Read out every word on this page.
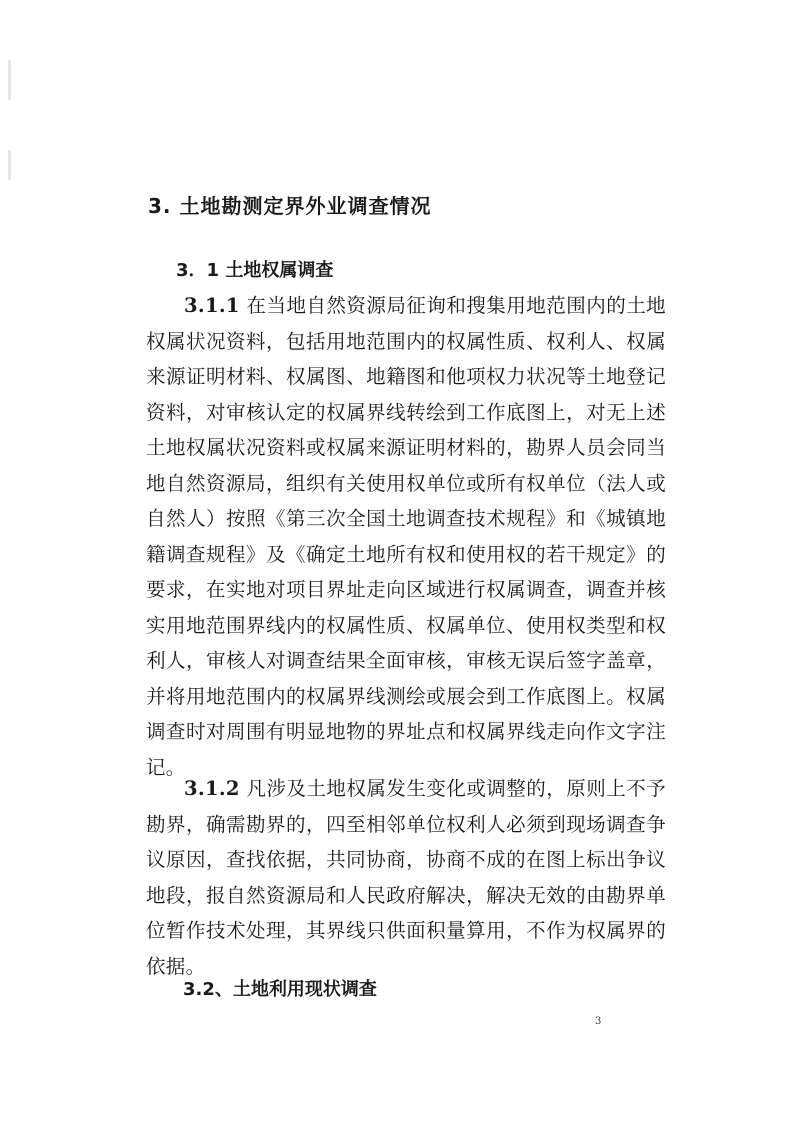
3. 土地勘测定界外业调查情况
3．1 土地权属调查
3.1.1 在当地自然资源局征询和搜集用地范围内的土地权属状况资料，包括用地范围内的权属性质、权利人、权属来源证明材料、权属图、地籍图和他项权力状况等土地登记资料，对审核认定的权属界线转绘到工作底图上，对无上述土地权属状况资料或权属来源证明材料的，勘界人员会同当地自然资源局，组织有关使用权单位或所有权单位（法人或自然人）按照《第三次全国土地调查技术规程》和《城镇地籍调查规程》及《确定土地所有权和使用权的若干规定》的要求，在实地对项目界址走向区域进行权属调查，调查并核实用地范围界线内的权属性质、权属单位、使用权类型和权利人，审核人对调查结果全面审核，审核无误后签字盖章，并将用地范围内的权属界线测绘或展会到工作底图上。权属调查时对周围有明显地物的界址点和权属界线走向作文字注记。
3.1.2 凡涉及土地权属发生变化或调整的，原则上不予勘界，确需勘界的，四至相邻单位权利人必须到现场调查争议原因，查找依据，共同协商，协商不成的在图上标出争议地段，报自然资源局和人民政府解决，解决无效的由勘界单位暂作技术处理，其界线只供面积量算用，不作为权属界的依据。
3.2、土地利用现状调查
3
